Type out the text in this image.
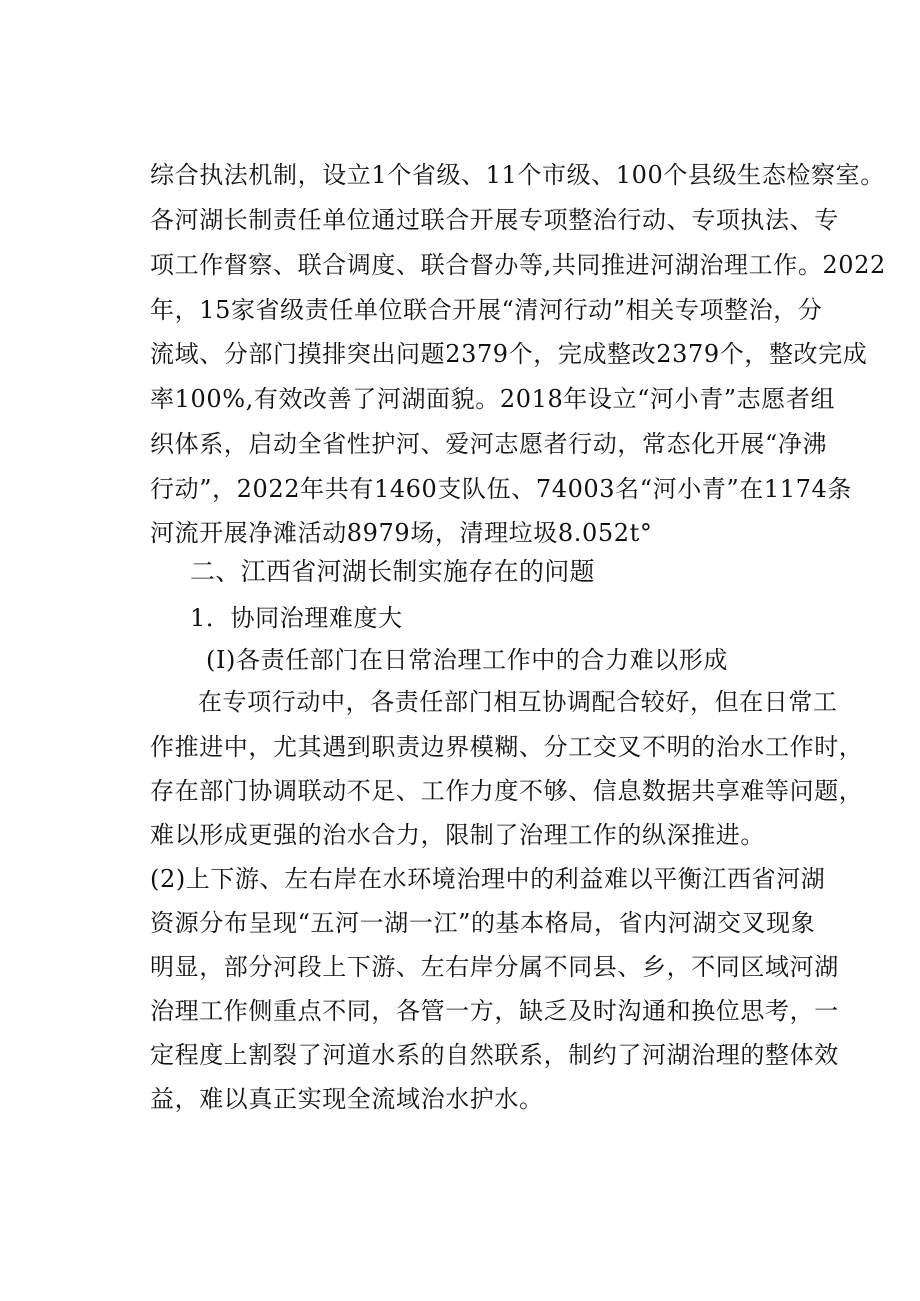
综合执法机制，设立1个省级、11个市级、100个县级生态检察室。
各河湖长制责任单位通过联合开展专项整治行动、专项执法、专
项工作督察、联合调度、联合督办等,共同推进河湖治理工作。2022
年，15家省级责任单位联合开展“清河行动”相关专项整治，分
流域、分部门摸排突出问题2379个，完成整改2379个，整改完成
率100%,有效改善了河湖面貌。2018年设立“河小青”志愿者组
织体系，启动全省性护河、爱河志愿者行动，常态化开展“净沸
行动”，2022年共有1460支队伍、74003名“河小青”在1174条
河流开展净滩活动8979场，清理垃圾8.052t°
二、江西省河湖长制实施存在的问题
1．协同治理难度大
(I)各责任部门在日常治理工作中的合力难以形成
在专项行动中，各责任部门相互协调配合较好，但在日常工
作推进中，尤其遇到职责边界模糊、分工交叉不明的治水工作时，
存在部门协调联动不足、工作力度不够、信息数据共享难等问题，
难以形成更强的治水合力，限制了治理工作的纵深推进。
(2)上下游、左右岸在水环境治理中的利益难以平衡江西省河湖
资源分布呈现“五河一湖一江”的基本格局，省内河湖交叉现象
明显，部分河段上下游、左右岸分属不同县、乡，不同区域河湖
治理工作侧重点不同，各管一方，缺乏及时沟通和换位思考，一
定程度上割裂了河道水系的自然联系，制约了河湖治理的整体效
益，难以真正实现全流域治水护水。
